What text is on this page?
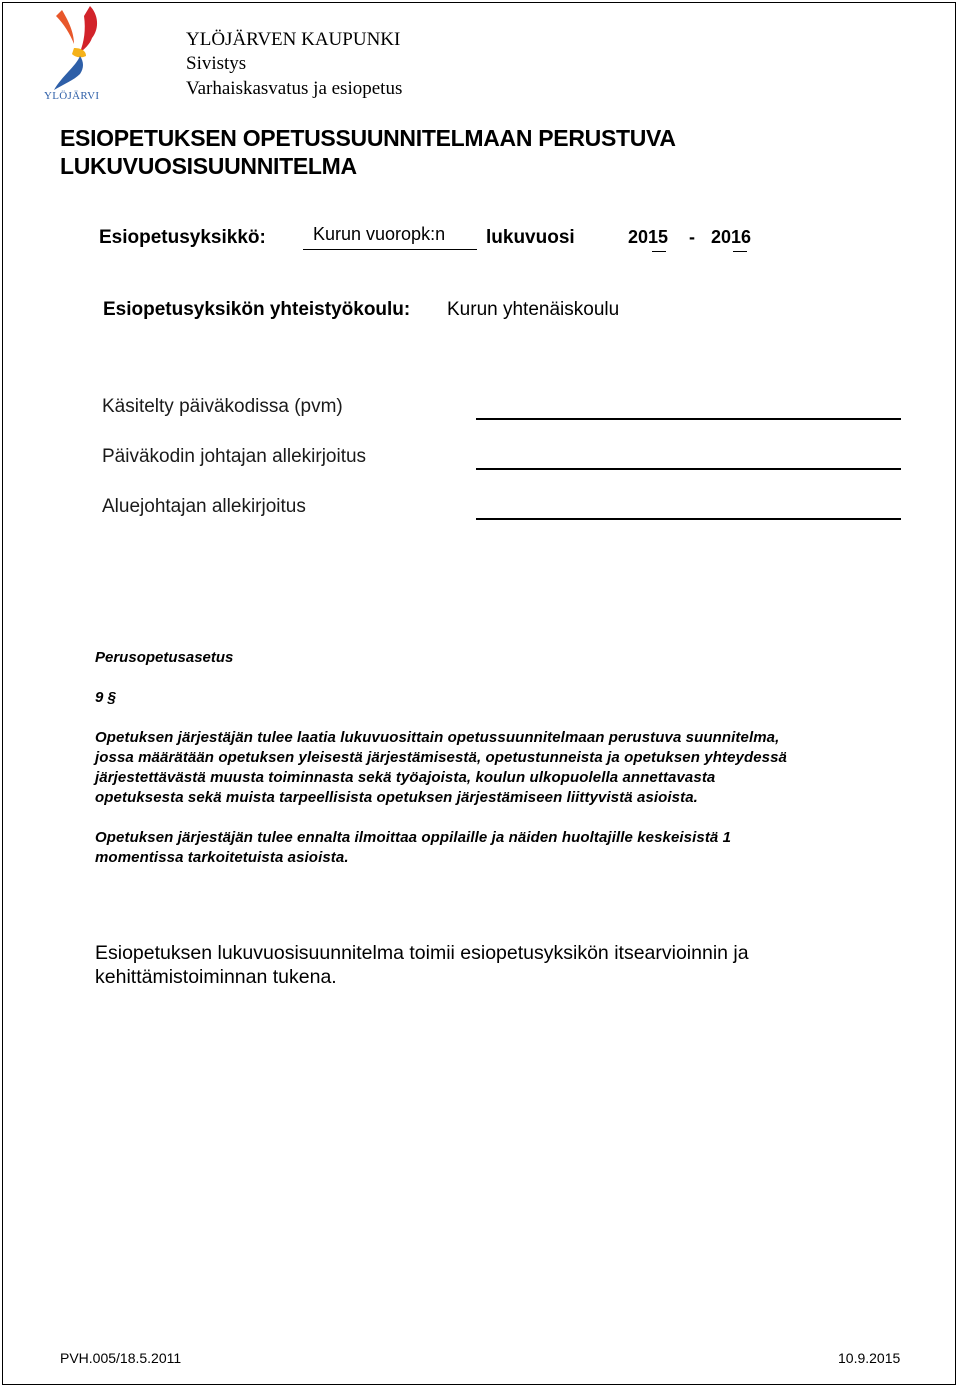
YLÖJÄRVI
YLÖJÄRVEN KAUPUNKI
Sivistys
Varhaiskasvatus ja esiopetus
ESIOPETUKSEN OPETUSSUUNNITELMAAN PERUSTUVA
LUKUVUOSISUUNNITELMA
Esiopetusyksikkö:	Kurun vuoropk:n	lukuvuosi	2015 - 2016
Esiopetusyksikön yhteistyökoulu: Kurun yhtenäiskoulu
Käsitelty päiväkodissa (pvm)
Päiväkodin johtajan allekirjoitus
Aluejohtajan allekirjoitus
Perusopetusasetus
9 §
Opetuksen järjestäjän tulee laatia lukuvuosittain opetussuunnitelmaan perustuva suunnitelma,
jossa määrätään opetuksen yleisestä järjestämisestä, opetustunneista ja opetuksen yhteydessä
järjestettävästä muusta toiminnasta sekä työajoista, koulun ulkopuolella annettavasta
opetuksesta sekä muista tarpeellisista opetuksen järjestämiseen liittyvistä asioista.
Opetuksen järjestäjän tulee ennalta ilmoittaa oppilaille ja näiden huoltajille keskeisistä 1
momentissa tarkoitetuista asioista.
Esiopetuksen lukuvuosisuunnitelma toimii esiopetusyksikön itsearvioinnin ja
kehittämistoiminnan tukena.
PVH.005/18.5.2011	10.9.2015
